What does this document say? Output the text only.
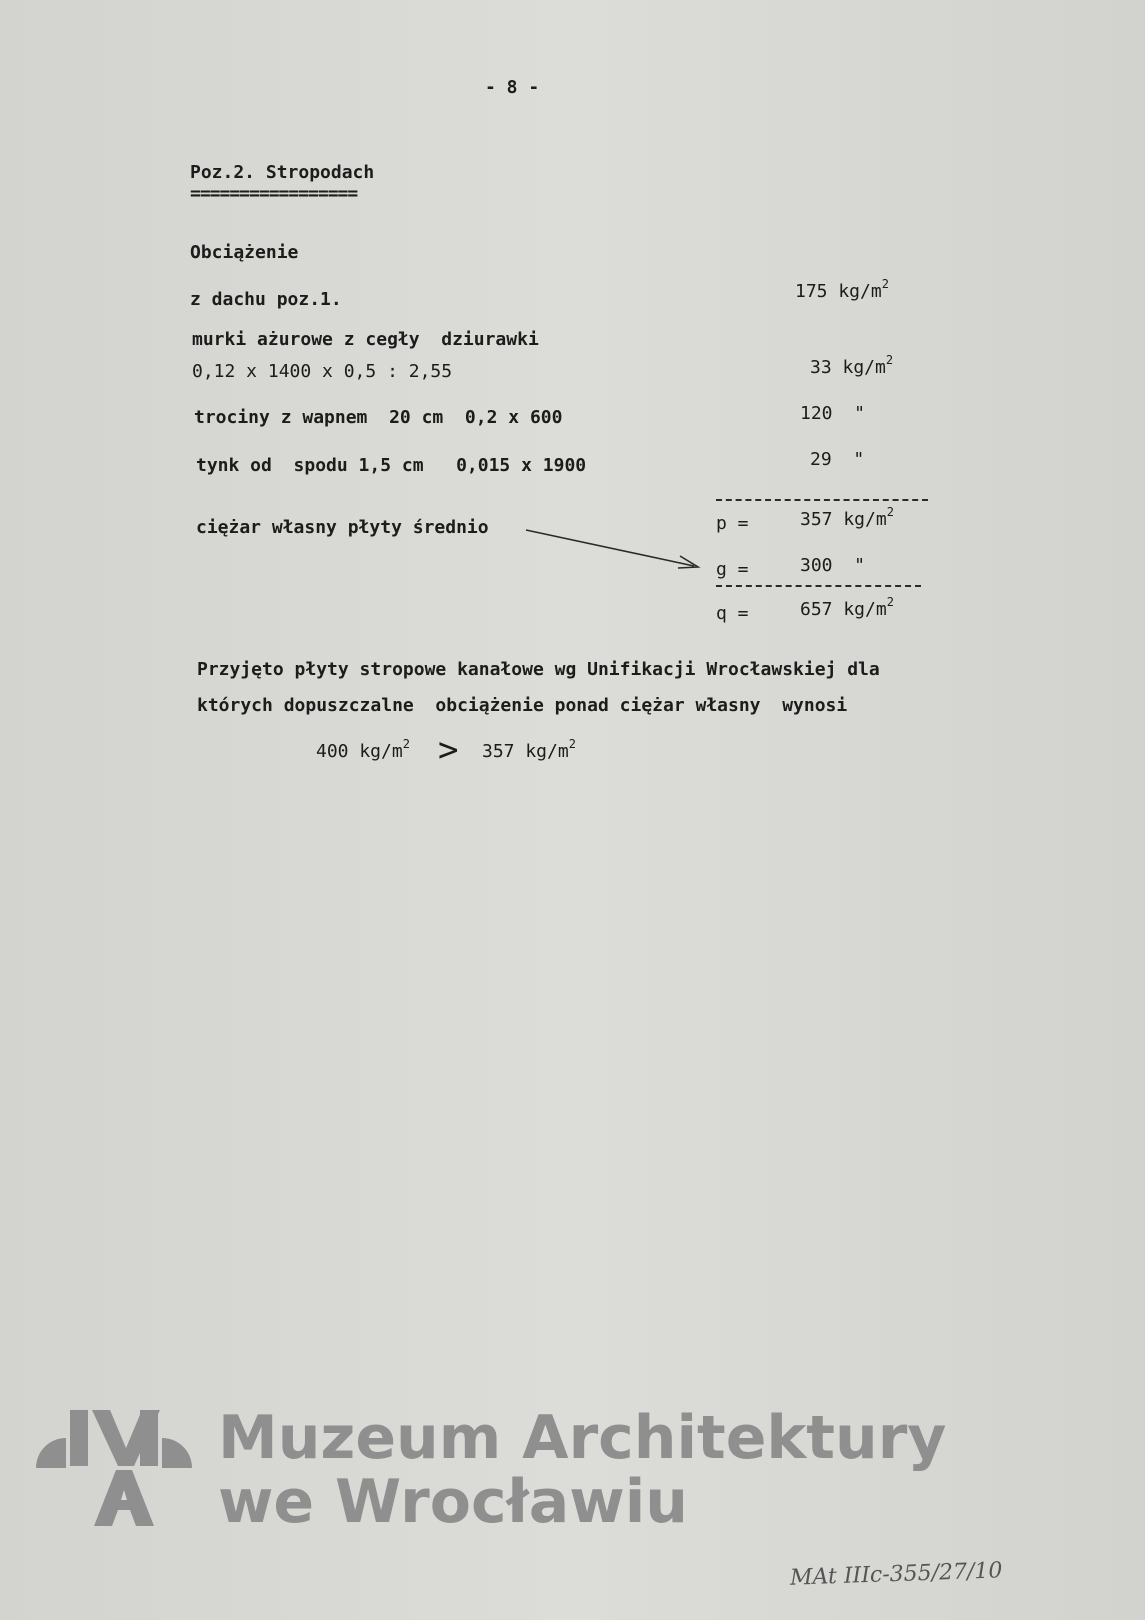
- 8 -
Poz.2. Stropodach
=================
Obciążenie
z dachu poz.1.	175 $kg/m^2$
murki ażurowe z cegły  dziurawki
0,12 x 1400 x 0,5 : 2,55	33 $kg/m^2$
trociny z wapnem  20 cm  0,2 x 600	120  "
tynk od  spodu 1,5 cm   0,015 x 1900	29  "
ciężar własny płyty średnio	p =	357 $kg/m^2$
g =	300  "
q =	657 $kg/m^2$
Przyjęto płyty stropowe kanałowe wg Unifikacji Wrocławskiej dla
których dopuszczalne  obciążenie ponad ciężar własny  wynosi
400 $kg/m^2 > 357$ $kg/m^2$
Muzeum Architektury
we Wrocławiu
MAt IIIc-355/27/10
